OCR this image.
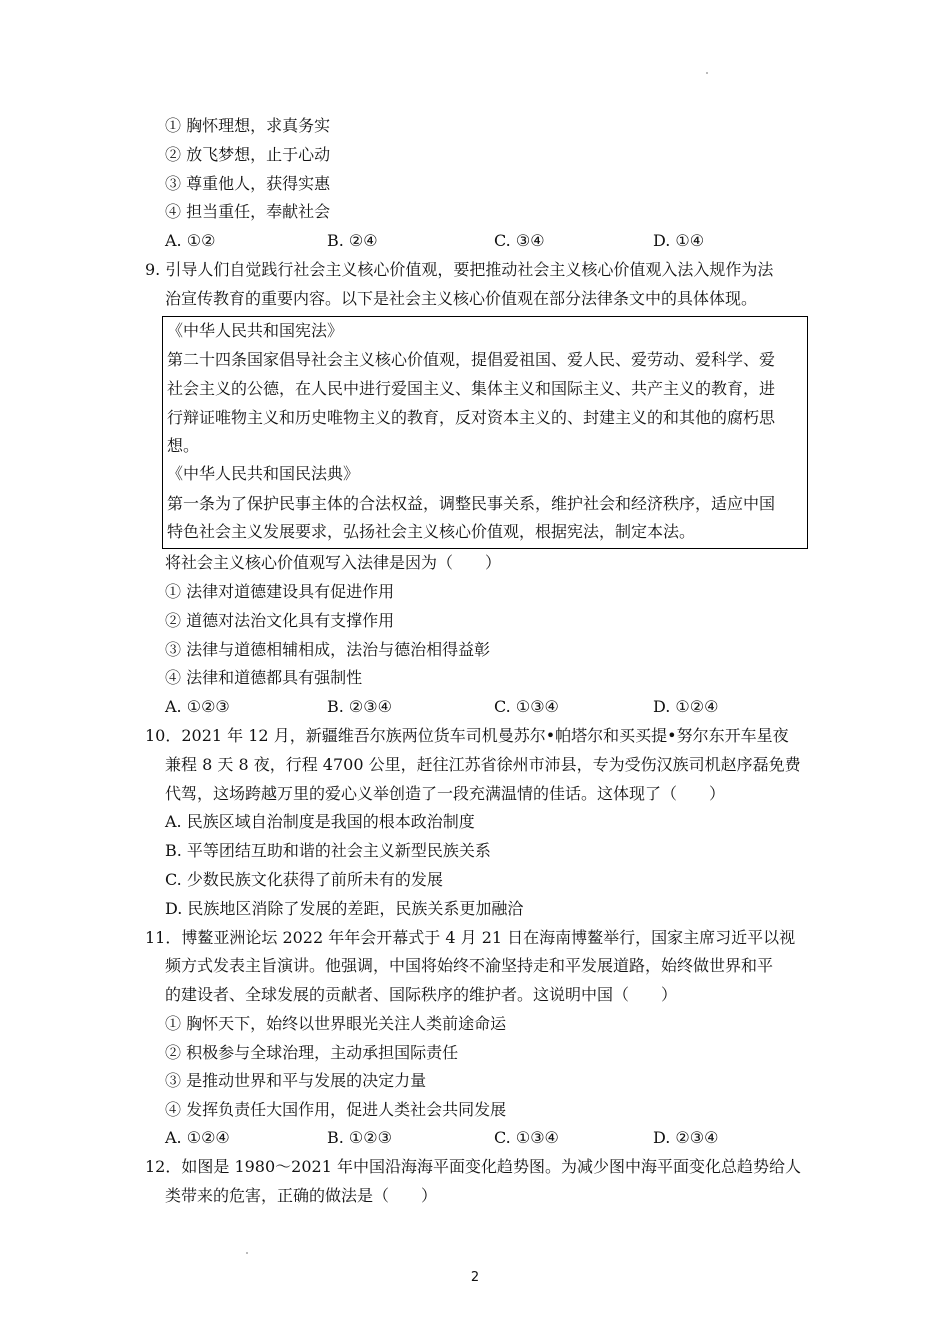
① 胸怀理想，求真务实
② 放飞梦想，止于心动
③ 尊重他人，获得实惠
④ 担当重任，奉献社会
A. ①②	B. ②④	C. ③④	D. ①④
9. 引导人们自觉践行社会主义核心价值观，要把推动社会主义核心价值观入法入规作为法
治宣传教育的重要内容。以下是社会主义核心价值观在部分法律条文中的具体体现。
《中华人民共和国宪法》
第二十四条国家倡导社会主义核心价值观，提倡爱祖国、爱人民、爱劳动、爱科学、爱
社会主义的公德，在人民中进行爱国主义、集体主义和国际主义、共产主义的教育，进
行辩证唯物主义和历史唯物主义的教育，反对资本主义的、封建主义的和其他的腐朽思
想。
《中华人民共和国民法典》
第一条为了保护民事主体的合法权益，调整民事关系，维护社会和经济秩序，适应中国
特色社会主义发展要求，弘扬社会主义核心价值观，根据宪法，制定本法。
将社会主义核心价值观写入法律是因为（　　）
① 法律对道德建设具有促进作用
② 道德对法治文化具有支撑作用
③ 法律与道德相辅相成，法治与德治相得益彰
④ 法律和道德都具有强制性
A. ①②③	B. ②③④	C. ①③④	D. ①②④
10．2021 年 12 月，新疆维吾尔族两位货车司机曼苏尔•帕塔尔和买买提•努尔东开车星夜
兼程 8 天 8 夜，行程 4700 公里，赶往江苏省徐州市沛县，专为受伤汉族司机赵序磊免费
代驾，这场跨越万里的爱心义举创造了一段充满温情的佳话。这体现了（　　）
A. 民族区域自治制度是我国的根本政治制度
B. 平等团结互助和谐的社会主义新型民族关系
C. 少数民族文化获得了前所未有的发展
D. 民族地区消除了发展的差距，民族关系更加融洽
11．博鳌亚洲论坛 2022 年年会开幕式于 4 月 21 日在海南博鳌举行，国家主席习近平以视
频方式发表主旨演讲。他强调，中国将始终不渝坚持走和平发展道路，始终做世界和平
的建设者、全球发展的贡献者、国际秩序的维护者。这说明中国（　　）
① 胸怀天下，始终以世界眼光关注人类前途命运
② 积极参与全球治理，主动承担国际责任
③ 是推动世界和平与发展的决定力量
④ 发挥负责任大国作用，促进人类社会共同发展
A. ①②④	B. ①②③	C. ①③④	D. ②③④
12．如图是 1980～2021 年中国沿海海平面变化趋势图。为减少图中海平面变化总趋势给人
类带来的危害，正确的做法是（　　）
2
